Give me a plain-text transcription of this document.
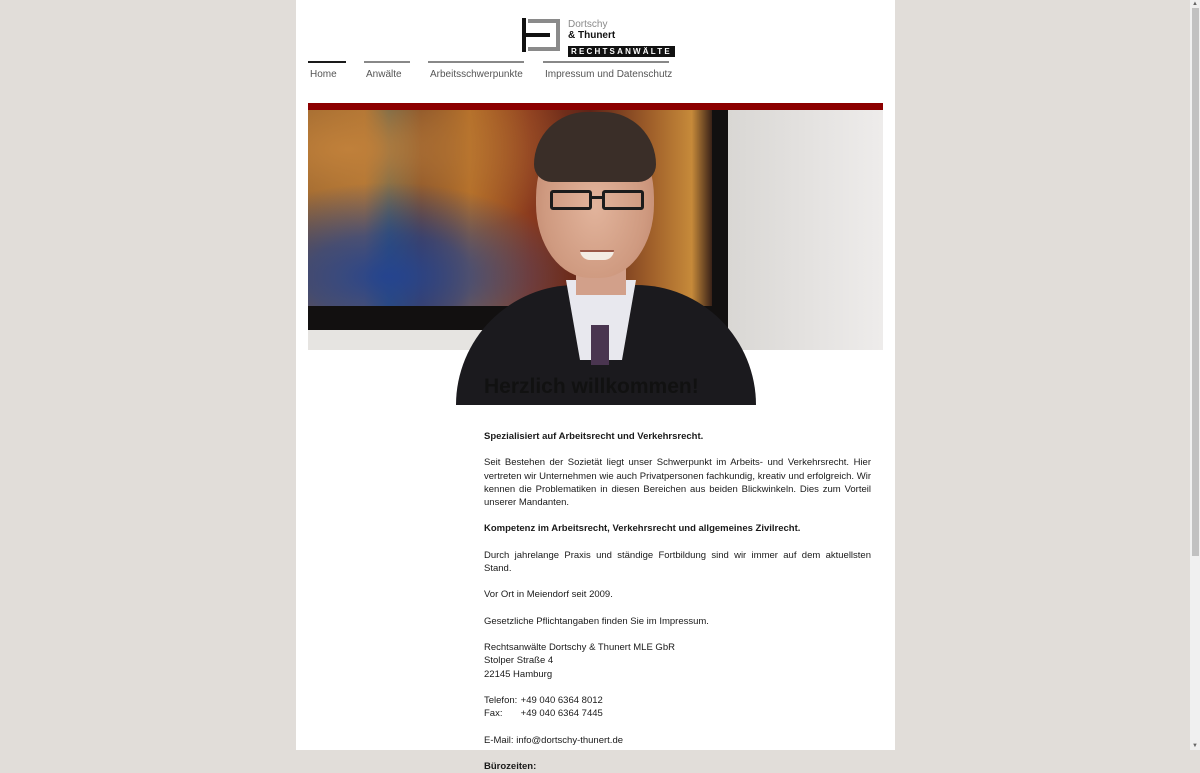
Dortschy
& Thunert
RECHTSANWÄLTE
Home	Anwälte	Arbeitsschwerpunkte Impressum und Datenschutz
Herzlich willkommen!

Spezialisiert auf Arbeitsrecht und Verkehrsrecht.

Seit Bestehen der Sozietät liegt unser Schwerpunkt im Arbeits- und Verkehrsrecht. Hier vertreten wir Unternehmen wie auch Privatpersonen fachkundig, kreativ und erfolgreich. Wir kennen die Problematiken in diesen Bereichen aus beiden Blickwinkeln. Dies zum Vorteil unserer Mandanten.

Kompetenz im Arbeitsrecht, Verkehrsrecht und allgemeines Zivilrecht.

Durch jahrelange Praxis und ständige Fortbildung sind wir immer auf dem aktuellsten Stand.

Vor Ort in Meiendorf seit 2009.

Gesetzliche Pflichtangaben finden Sie im Impressum.

Rechtsanwälte Dortschy & Thunert MLE GbR
Stolper Straße 4
22145 Hamburg
Telefon: +49 040 6364 8012
Fax: +49 040 6364 7445
E-Mail: info@dortschy-thunert.de

Bürozeiten:

▲
▼
